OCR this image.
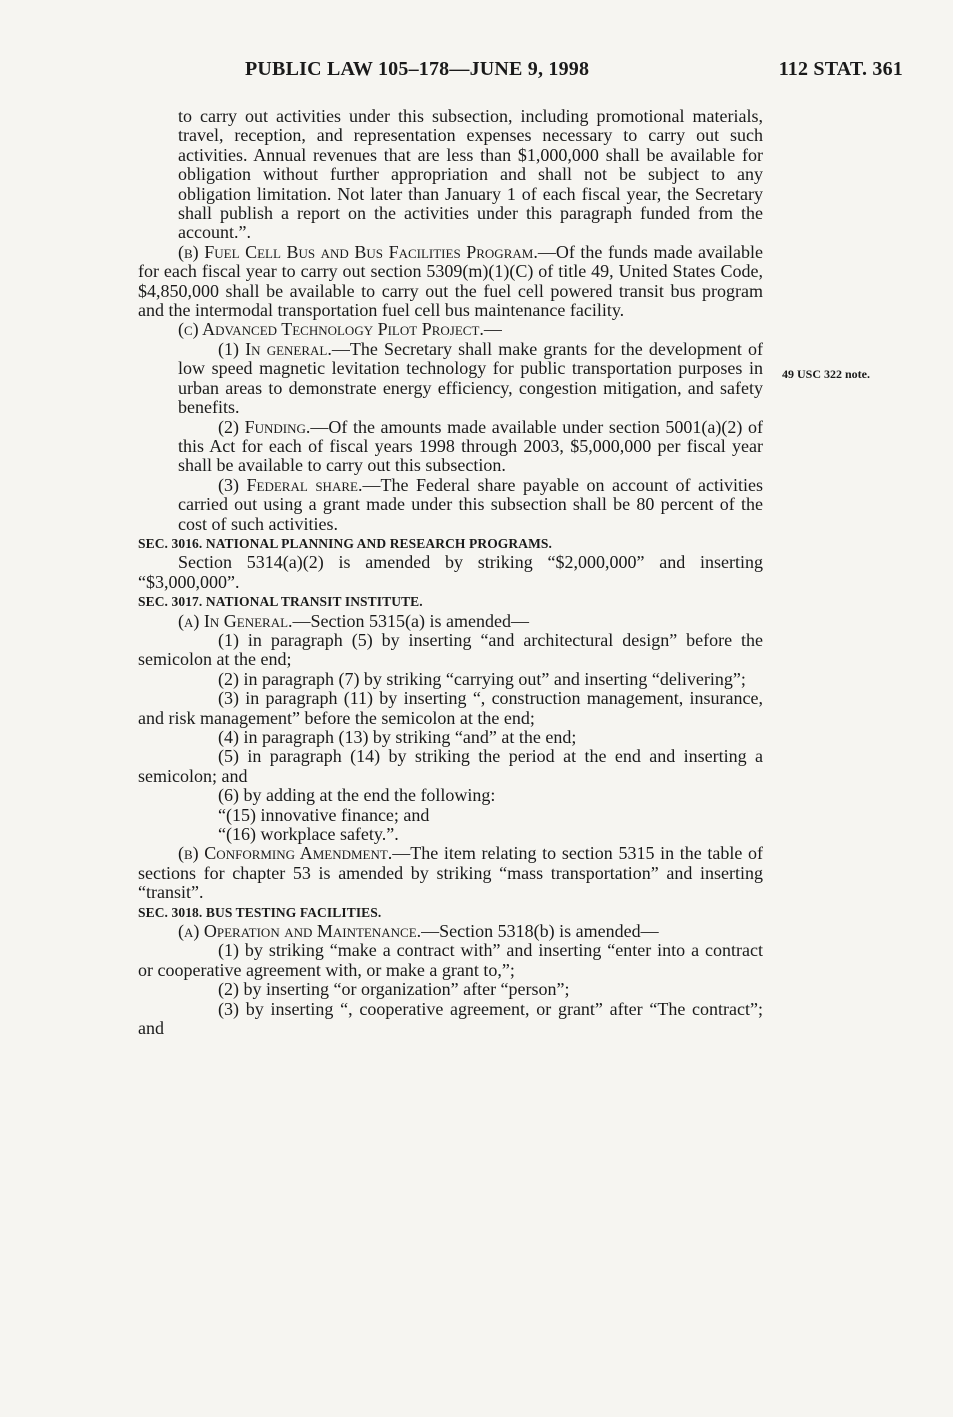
PUBLIC LAW 105–178—JUNE 9, 1998	112 STAT. 361
49 USC 322 note.

to carry out activities under this subsection, including promotional materials, travel, reception, and representation expenses necessary to carry out such activities. Annual revenues that are less than $1,000,000 shall be available for obligation without further appropriation and shall not be subject to any obligation limitation. Not later than January 1 of each fiscal year, the Secretary shall publish a report on the activities under this paragraph funded from the account.”.

(b) Fuel Cell Bus and Bus Facilities Program.—Of the funds made available for each fiscal year to carry out section 5309(m)(1)(C) of title 49, United States Code, $4,850,000 shall be available to carry out the fuel cell powered transit bus program and the intermodal transportation fuel cell bus maintenance facility.

(c) Advanced Technology Pilot Project.—

(1) In general.—The Secretary shall make grants for the development of low speed magnetic levitation technology for public transportation purposes in urban areas to demonstrate energy efficiency, congestion mitigation, and safety benefits.

(2) Funding.—Of the amounts made available under section 5001(a)(2) of this Act for each of fiscal years 1998 through 2003, $5,000,000 per fiscal year shall be available to carry out this subsection.

(3) Federal share.—The Federal share payable on account of activities carried out using a grant made under this subsection shall be 80 percent of the cost of such activities.

SEC. 3016. NATIONAL PLANNING AND RESEARCH PROGRAMS.

Section 5314(a)(2) is amended by striking “$2,000,000” and inserting “$3,000,000”.

SEC. 3017. NATIONAL TRANSIT INSTITUTE.

(a) In General.—Section 5315(a) is amended—

(1) in paragraph (5) by inserting “and architectural design” before the semicolon at the end;

(2) in paragraph (7) by striking “carrying out” and inserting “delivering”;

(3) in paragraph (11) by inserting “, construction management, insurance, and risk management” before the semicolon at the end;

(4) in paragraph (13) by striking “and” at the end;

(5) in paragraph (14) by striking the period at the end and inserting a semicolon; and

(6) by adding at the end the following:

“(15) innovative finance; and

“(16) workplace safety.”.

(b) Conforming Amendment.—The item relating to section 5315 in the table of sections for chapter 53 is amended by striking “mass transportation” and inserting “transit”.

SEC. 3018. BUS TESTING FACILITIES.

(a) Operation and Maintenance.—Section 5318(b) is amended—

(1) by striking “make a contract with” and inserting “enter into a contract or cooperative agreement with, or make a grant to,”;

(2) by inserting “or organization” after “person”;

(3) by inserting “, cooperative agreement, or grant” after “The contract”; and
